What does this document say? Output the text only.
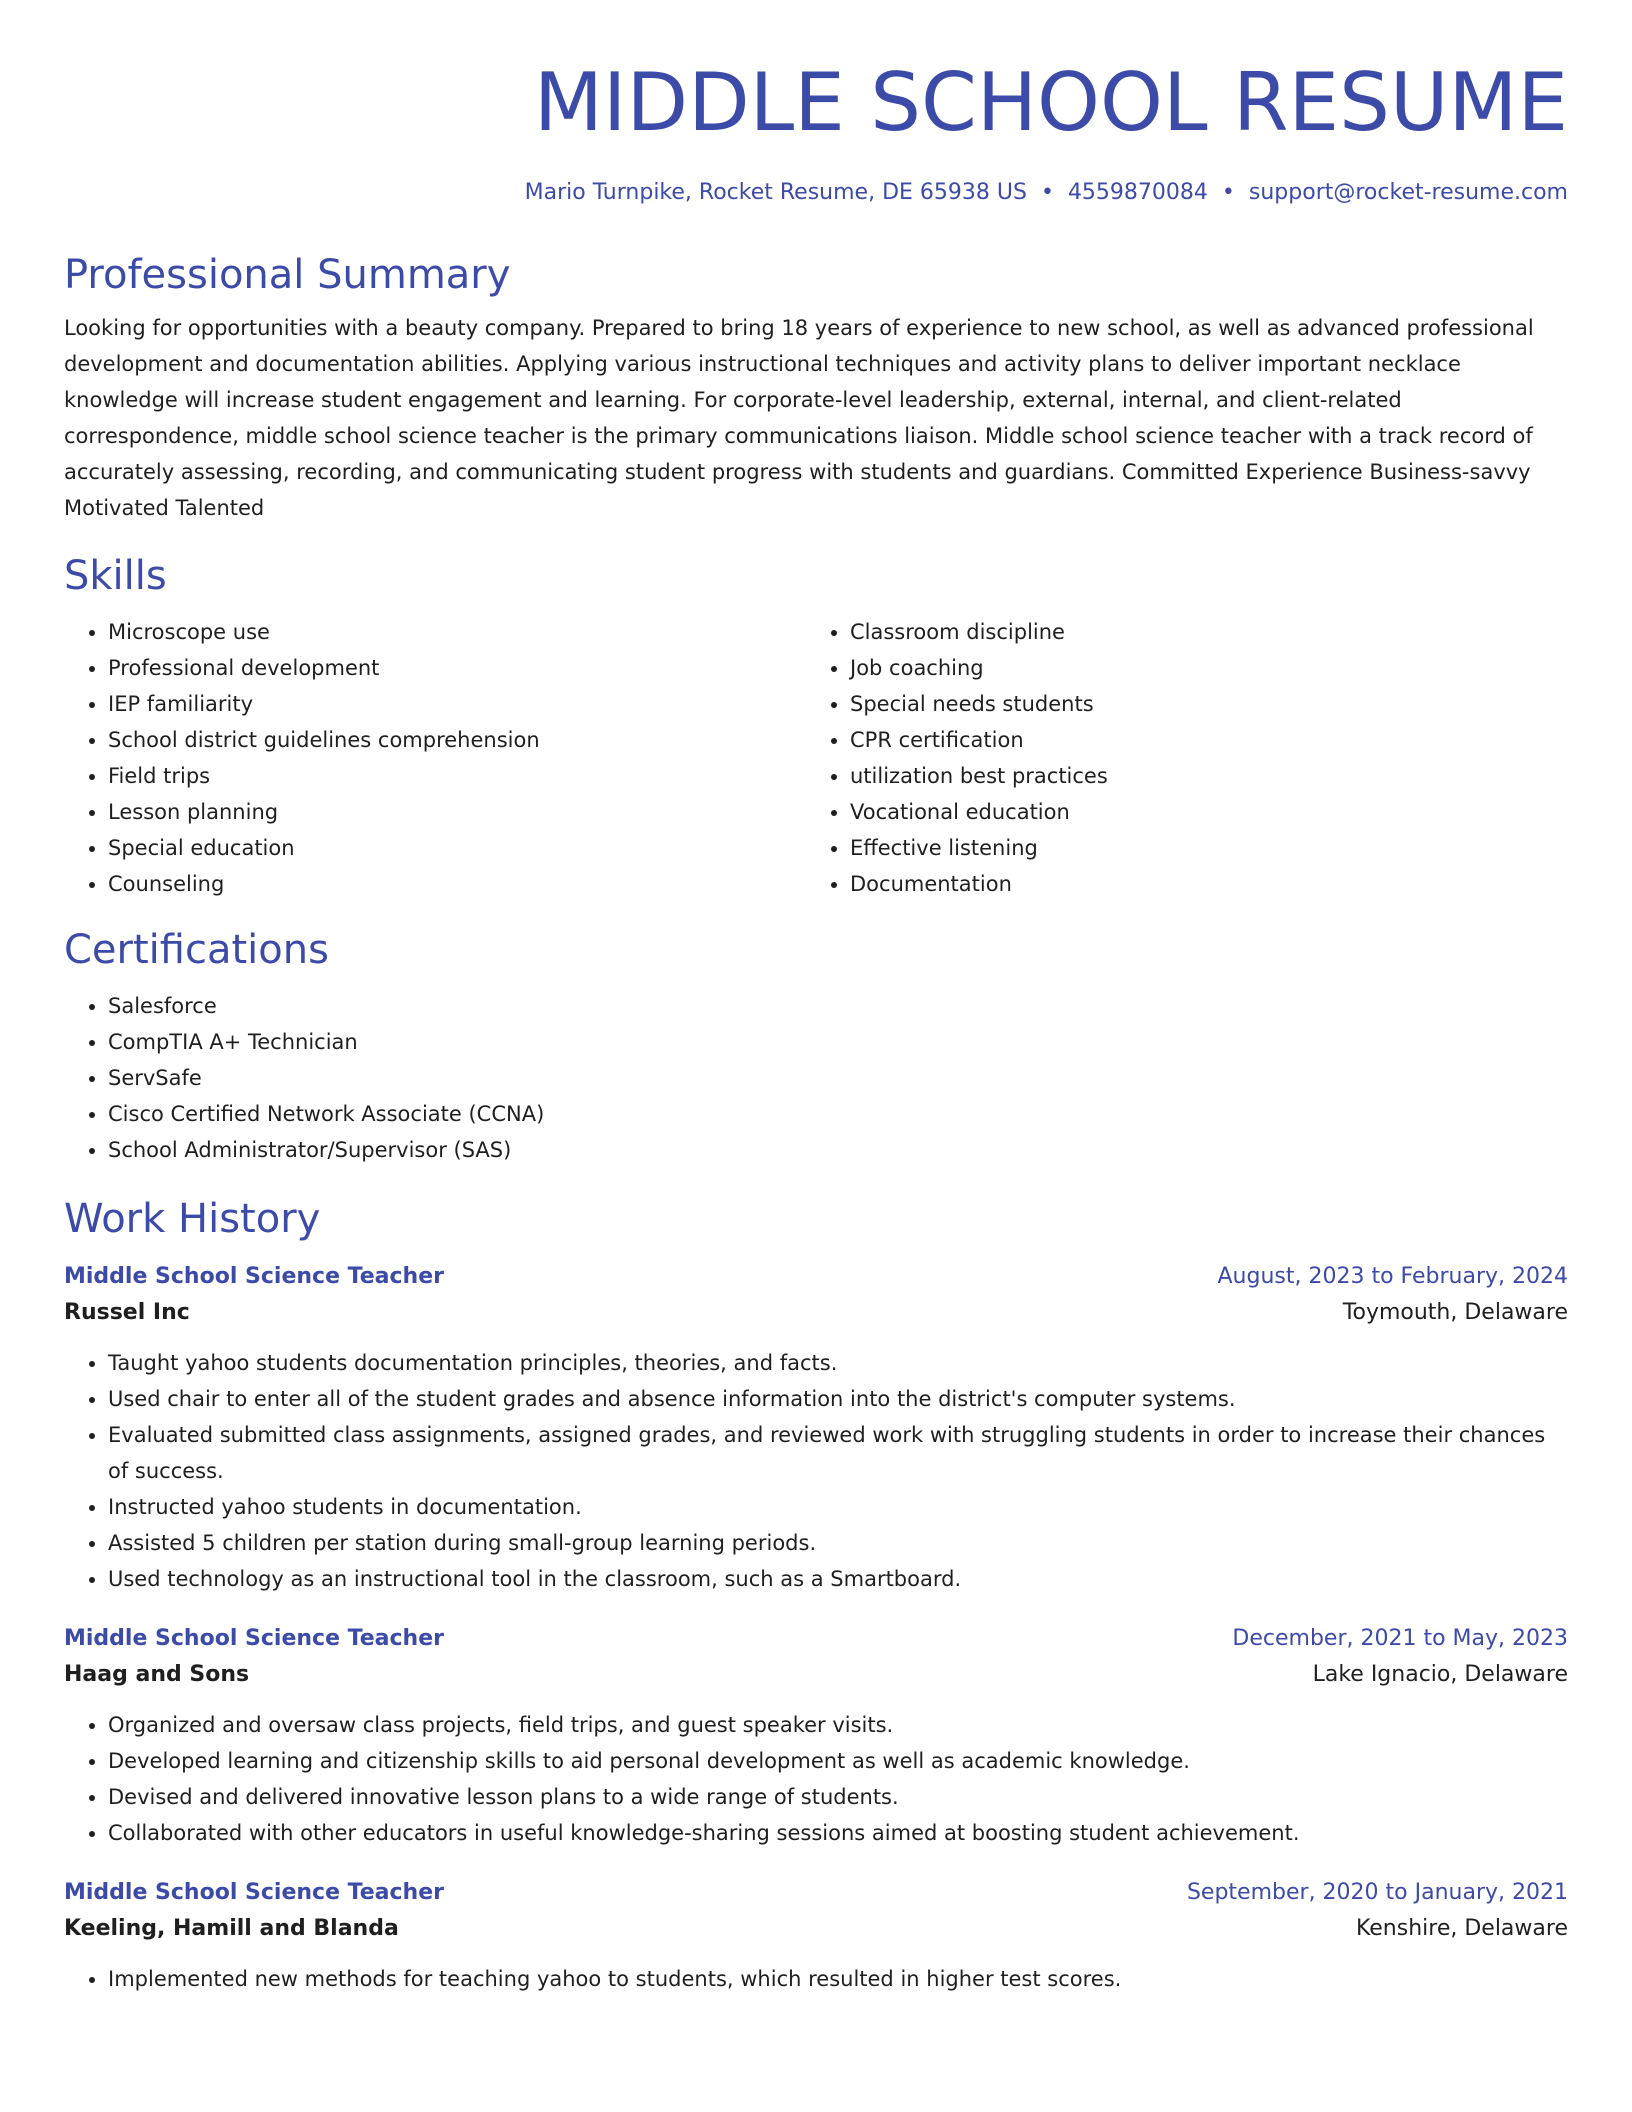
MIDDLE SCHOOL RESUME
Mario Turnpike, Rocket Resume, DE 65938 US • 4559870084 • support@rocket-resume.com
Professional Summary

Looking for opportunities with a beauty company. Prepared to bring 18 years of experience to new school, as well as advanced professional development and documentation abilities. Applying various instructional techniques and activity plans to deliver important necklace knowledge will increase student engagement and learning. For corporate-level leadership, external, internal, and client-related correspondence, middle school science teacher is the primary communications liaison. Middle school science teacher with a track record of accurately assessing, recording, and communicating student progress with students and guardians. Committed Experience Business-savvy Motivated Talented

Skills
• Microscope use
• Professional development
• IEP familiarity
• School district guidelines comprehension
• Field trips
• Lesson planning
• Special education
• Counseling
• Classroom discipline
• Job coaching
• Special needs students
• CPR certification
• utilization best practices
• Vocational education
• Effective listening
• Documentation
Certifications
• Salesforce
• CompTIA A+ Technician
• ServSafe
• Cisco Certified Network Associate (CCNA)
• School Administrator/Supervisor (SAS)
Work History
Middle School Science Teacher	August, 2023 to February, 2024
Russel Inc	Toymouth, Delaware
• Taught yahoo students documentation principles, theories, and facts.
• Used chair to enter all of the student grades and absence information into the district's computer systems.
• Evaluated submitted class assignments, assigned grades, and reviewed work with struggling students in order to increase their chances of success.
• Instructed yahoo students in documentation.
• Assisted 5 children per station during small-group learning periods.
• Used technology as an instructional tool in the classroom, such as a Smartboard.
Middle School Science Teacher	December, 2021 to May, 2023
Haag and Sons	Lake Ignacio, Delaware
• Organized and oversaw class projects, field trips, and guest speaker visits.
• Developed learning and citizenship skills to aid personal development as well as academic knowledge.
• Devised and delivered innovative lesson plans to a wide range of students.
• Collaborated with other educators in useful knowledge-sharing sessions aimed at boosting student achievement.
Middle School Science Teacher	September, 2020 to January, 2021
Keeling, Hamill and Blanda	Kenshire, Delaware
• Implemented new methods for teaching yahoo to students, which resulted in higher test scores.
